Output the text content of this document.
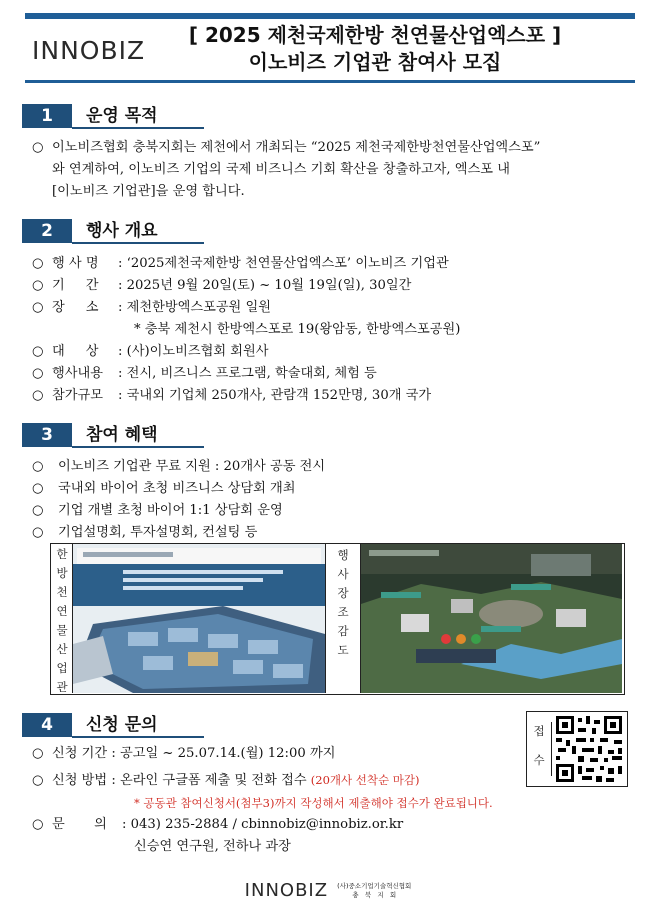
INNOBIZ
[ 2025 제천국제한방 천연물산업엑스포 ]
이노비즈 기업관 참여사 모집
1	운영 목적
○ 이노비즈협회 충북지회는 제천에서 개최되는 “2025 제천국제한방천연물산업엑스포”
와 연계하여, 이노비즈 기업의 국제 비즈니스 기회 확산을 창출하고자, 엑스포 내
[이노비즈 기업관]을 운영 합니다.
2	행사 개요
○ 행 사 명 : ‘2025제천국제한방 천연물산업엑스포’ 이노비즈 기업관
○ 기     간 : 2025년 9월 20일(토) ~ 10월 19일(일), 30일간
○ 장     소 : 제천한방엑스포공원 일원
* 충북 제천시 한방엑스포로 19(왕암동, 한방엑스포공원)
○ 대     상 : (사)이노비즈협회 회원사
○ 행사내용 : 전시, 비즈니스 프로그램, 학술대회, 체험 등
○ 참가규모 : 국내외 기업체 250개사, 관람객 152만명, 30개 국가
3	참여 혜택
○ 이노비즈 기업관 무료 지원 : 20개사 공동 전시
○ 국내외 바이어 초청 비즈니스 상담회 개최
○ 기업 개별 초청 바이어 1:1 상담회 운영
○ 기업설명회, 투자설명회, 컨설팅 등
한
방
천
연
물
산
업
관
행
사
장
조
감
도
4	신청 문의	접
수
○ 신청 기간 : 공고일 ~ 25.07.14.(월) 12:00 까지
○ 신청 방법 : 온라인 구글폼 제출 및 전화 접수 (20개사 선착순 마감)
* 공동관 참여신청서(첨부3)까지 작성해서 제출해야 접수가 완료됩니다.
○ 문       의 : 043) 235-2884 / cbinnobiz@innobiz.or.kr
신승연 연구원, 전하나 과장
INNOBIZ (사)중소기업기술혁신협회
충   북   지   회
